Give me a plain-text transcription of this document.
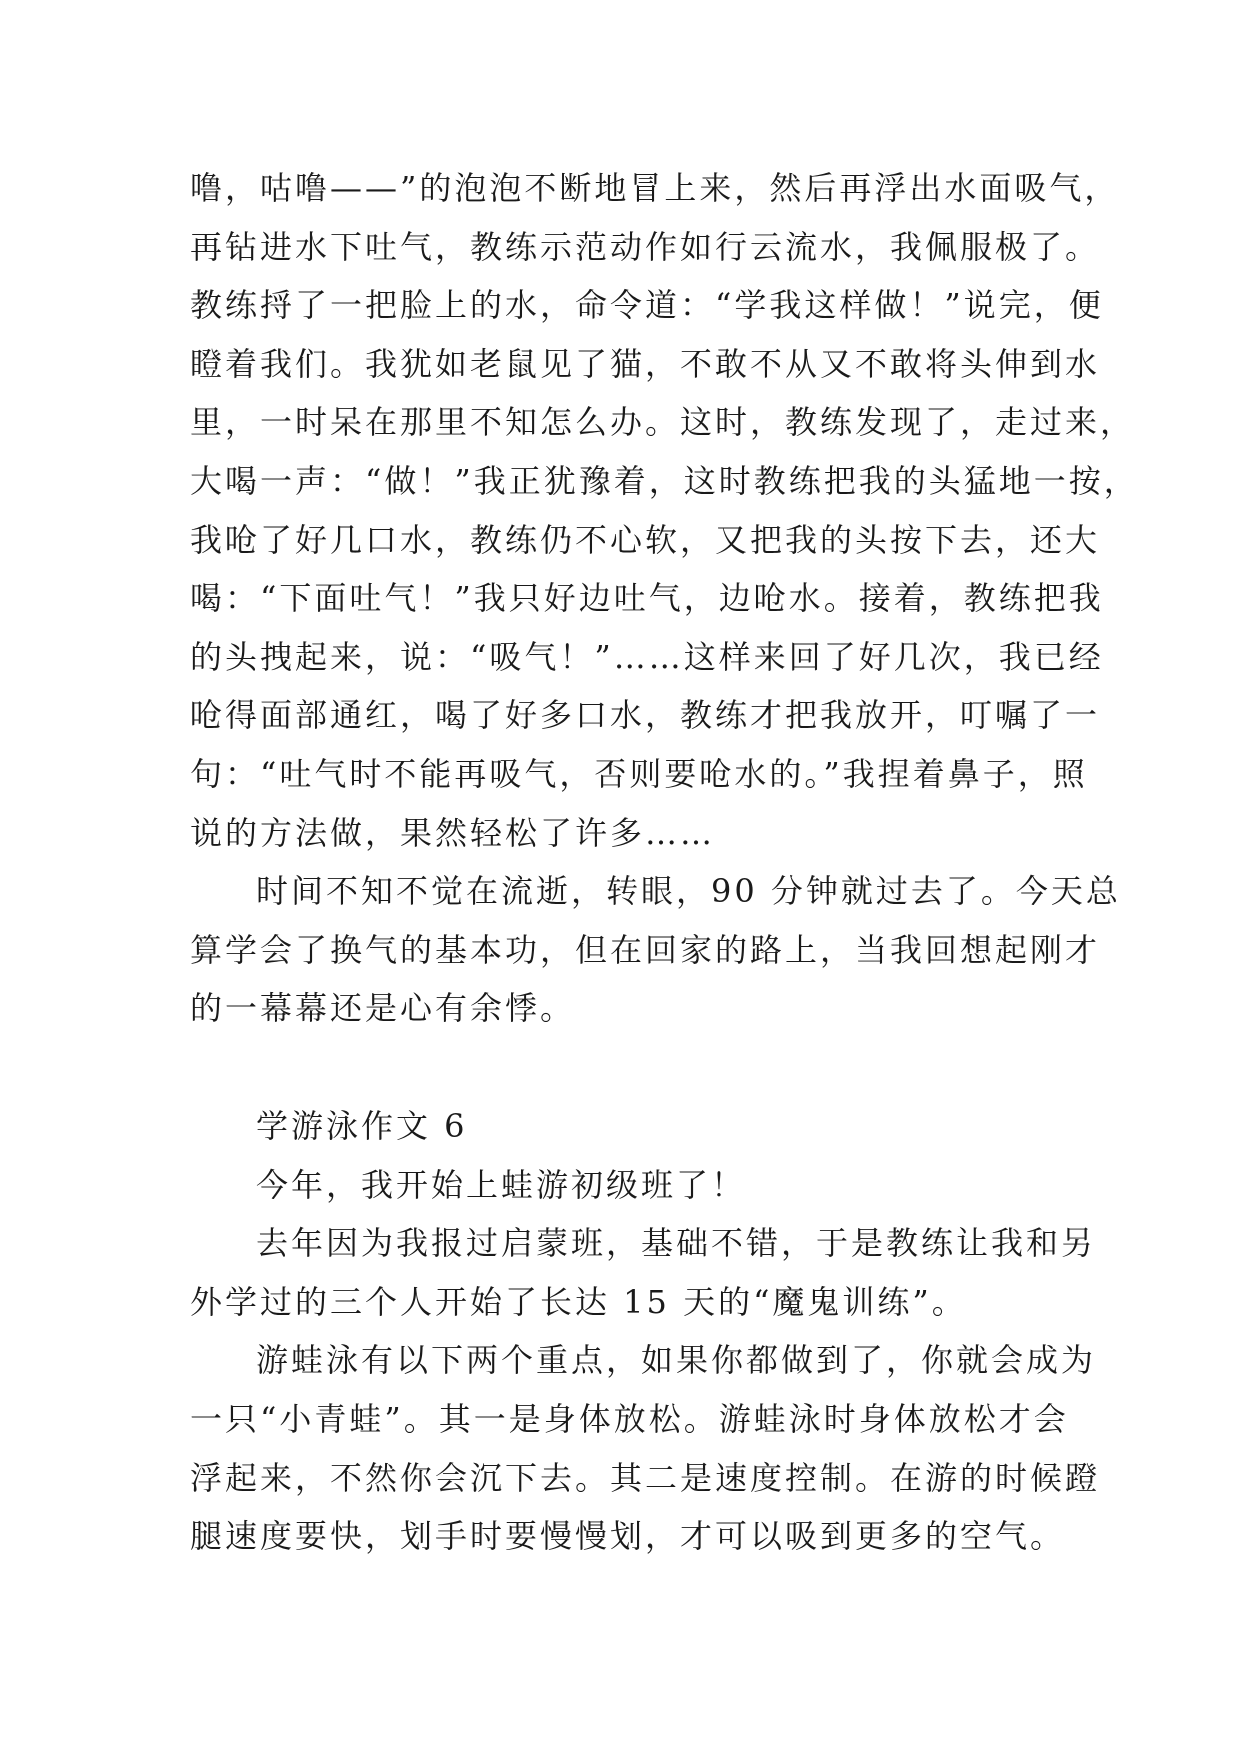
噜，咕噜——”的泡泡不断地冒上来，然后再浮出水面吸气，
再钻进水下吐气，教练示范动作如行云流水，我佩服极了。
教练捋了一把脸上的水，命令道：“学我这样做！”说完，便
瞪着我们。我犹如老鼠见了猫，不敢不从又不敢将头伸到水
里，一时呆在那里不知怎么办。这时，教练发现了，走过来，
大喝一声：“做！”我正犹豫着，这时教练把我的头猛地一按，
我呛了好几口水，教练仍不心软，又把我的头按下去，还大
喝：“下面吐气！”我只好边吐气，边呛水。接着，教练把我
的头拽起来，说：“吸气！”……这样来回了好几次，我已经
呛得面部通红，喝了好多口水，教练才把我放开，叮嘱了一
句：“吐气时不能再吸气，否则要呛水的。”我捏着鼻子，照
说的方法做，果然轻松了许多……
时间不知不觉在流逝，转眼，90 分钟就过去了。今天总
算学会了换气的基本功，但在回家的路上，当我回想起刚才
的一幕幕还是心有余悸。
学游泳作文 6
今年，我开始上蛙游初级班了！
去年因为我报过启蒙班，基础不错，于是教练让我和另
外学过的三个人开始了长达 15 天的“魔鬼训练”。
游蛙泳有以下两个重点，如果你都做到了，你就会成为
一只“小青蛙”。其一是身体放松。游蛙泳时身体放松才会
浮起来，不然你会沉下去。其二是速度控制。在游的时候蹬
腿速度要快，划手时要慢慢划，才可以吸到更多的空气。
